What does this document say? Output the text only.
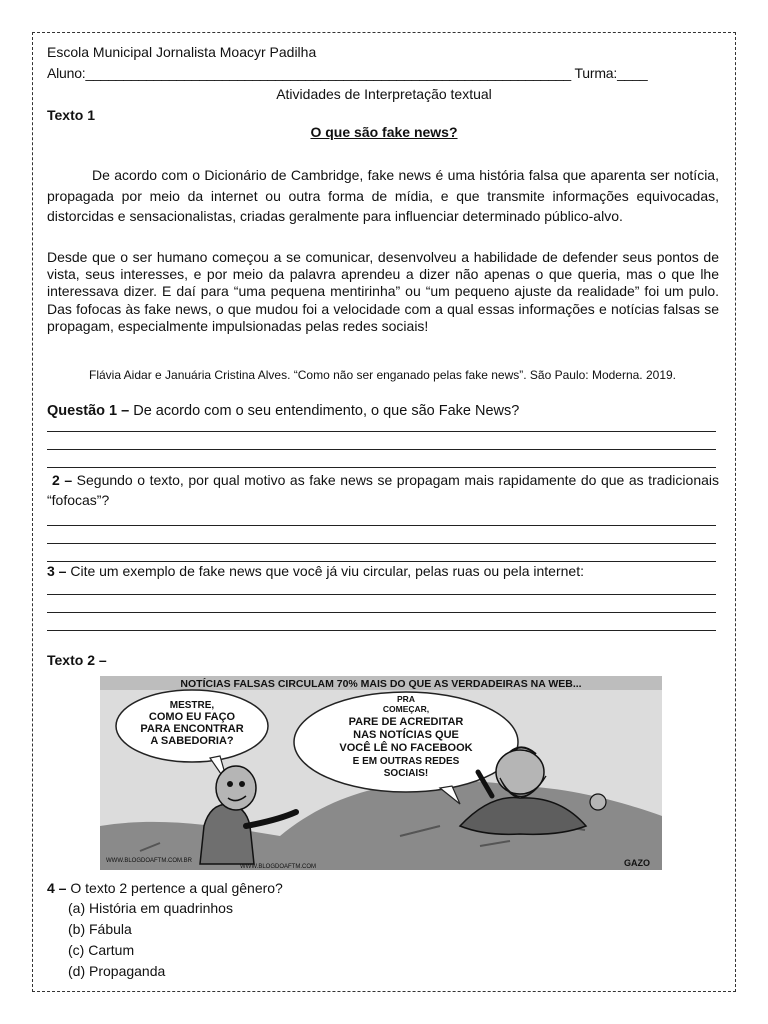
Escola Municipal Jornalista Moacyr Padilha
Aluno:________________________________________________________________ Turma:____
Atividades de Interpretação textual
Texto 1
O que são fake news?
De acordo com o Dicionário de Cambridge, fake news é uma história falsa que aparenta ser notícia, propagada por meio da internet ou outra forma de mídia, e que transmite informações equivocadas, distorcidas e sensacionalistas, criadas geralmente para influenciar determinado público-alvo.
Desde que o ser humano começou a se comunicar, desenvolveu a habilidade de defender seus pontos de vista, seus interesses, e por meio da palavra aprendeu a dizer não apenas o que queria, mas o que lhe interessava dizer. E daí para “uma pequena mentirinha” ou “um pequeno ajuste da realidade” foi um pulo. Das fofocas às fake news, o que mudou foi a velocidade com a qual essas informações e notícias falsas se propagam, especialmente impulsionadas pelas redes sociais!
Flávia Aidar e Januária Cristina Alves. “Como não ser enganado pelas fake news”. São Paulo: Moderna. 2019.
Questão 1 – De acordo com o seu entendimento, o que são Fake News?
2 – Segundo o texto, por qual motivo as fake news se propagam mais rapidamente do que as tradicionais “fofocas”?
3 – Cite um exemplo de fake news que você já viu circular, pelas ruas ou pela internet:
Texto 2 –
NOTÍCIAS FALSAS CIRCULAM 70% MAIS DO QUE AS VERDADEIRAS NA WEB...
MESTRE,
COMO EU FAÇO
PARA ENCONTRAR
A SABEDORIA?
PRA
COMEÇAR,
PARE DE ACREDITAR
NAS NOTÍCIAS QUE
VOCÊ LÊ NO FACEBOOK
E EM OUTRAS REDES
SOCIAIS!
WWW.BLOGDOAFTM.COM.BR
WWW.BLOGDOAFTM.COM	GAZO
4 – O texto 2 pertence a qual gênero?
(a) História em quadrinhos
(b) Fábula
(c) Cartum
(d) Propaganda
